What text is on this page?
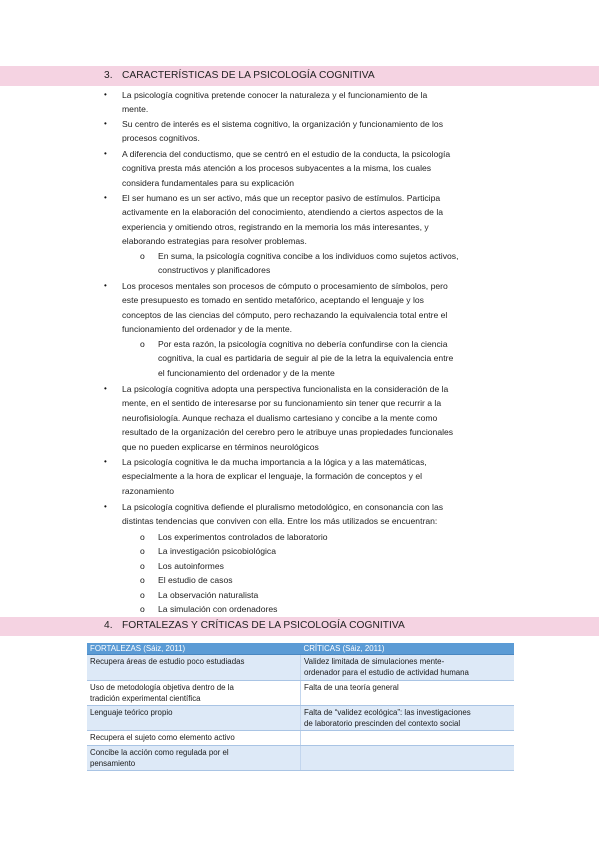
3. CARACTERÍSTICAS DE LA PSICOLOGÍA COGNITIVA
• La psicología cognitiva pretende conocer la naturaleza y el funcionamiento de la
mente.
• Su centro de interés es el sistema cognitivo, la organización y funcionamiento de los
procesos cognitivos.
• A diferencia del conductismo, que se centró en el estudio de la conducta, la psicología
cognitiva presta más atención a los procesos subyacentes a la misma, los cuales
considera fundamentales para su explicación
• El ser humano es un ser activo, más que un receptor pasivo de estímulos. Participa
activamente en la elaboración del conocimiento, atendiendo a ciertos aspectos de la
experiencia y omitiendo otros, registrando en la memoria los más interesantes, y
elaborando estrategias para resolver problemas.
o En suma, la psicología cognitiva concibe a los individuos como sujetos activos,
constructivos y planificadores
• Los procesos mentales son procesos de cómputo o procesamiento de símbolos, pero
este presupuesto es tomado en sentido metafórico, aceptando el lenguaje y los
conceptos de las ciencias del cómputo, pero rechazando la equivalencia total entre el
funcionamiento del ordenador y de la mente.
o Por esta razón, la psicología cognitiva no debería confundirse con la ciencia
cognitiva, la cual es partidaria de seguir al pie de la letra la equivalencia entre
el funcionamiento del ordenador y de la mente
• La psicología cognitiva adopta una perspectiva funcionalista en la consideración de la
mente, en el sentido de interesarse por su funcionamiento sin tener que recurrir a la
neurofisiología. Aunque rechaza el dualismo cartesiano y concibe a la mente como
resultado de la organización del cerebro pero le atribuye unas propiedades funcionales
que no pueden explicarse en términos neurológicos
• La psicología cognitiva le da mucha importancia a la lógica y a las matemáticas,
especialmente a la hora de explicar el lenguaje, la formación de conceptos y el
razonamiento
• La psicología cognitiva defiende el pluralismo metodológico, en consonancia con las
distintas tendencias que conviven con ella. Entre los más utilizados se encuentran:
o Los experimentos controlados de laboratorio
o La investigación psicobiológica
o Los autoinformes
o El estudio de casos
o La observación naturalista
o La simulación con ordenadores
4. FORTALEZAS Y CRÍTICAS DE LA PSICOLOGÍA COGNITIVA
FORTALEZAS (Sáiz, 2011)	CRÍTICAS (Sáiz, 2011)
Recupera áreas de estudio poco estudiadas	Validez limitada de simulaciones mente-
ordenador para el estudio de actividad humana
Uso de metodología objetiva dentro de la
tradición experimental científica	Falta de una teoría general
Lenguaje teórico propio	Falta de “validez ecológica”: las investigaciones
de laboratorio prescinden del contexto social
Recupera el sujeto como elemento activo	
Concibe la acción como regulada por el
pensamiento	
